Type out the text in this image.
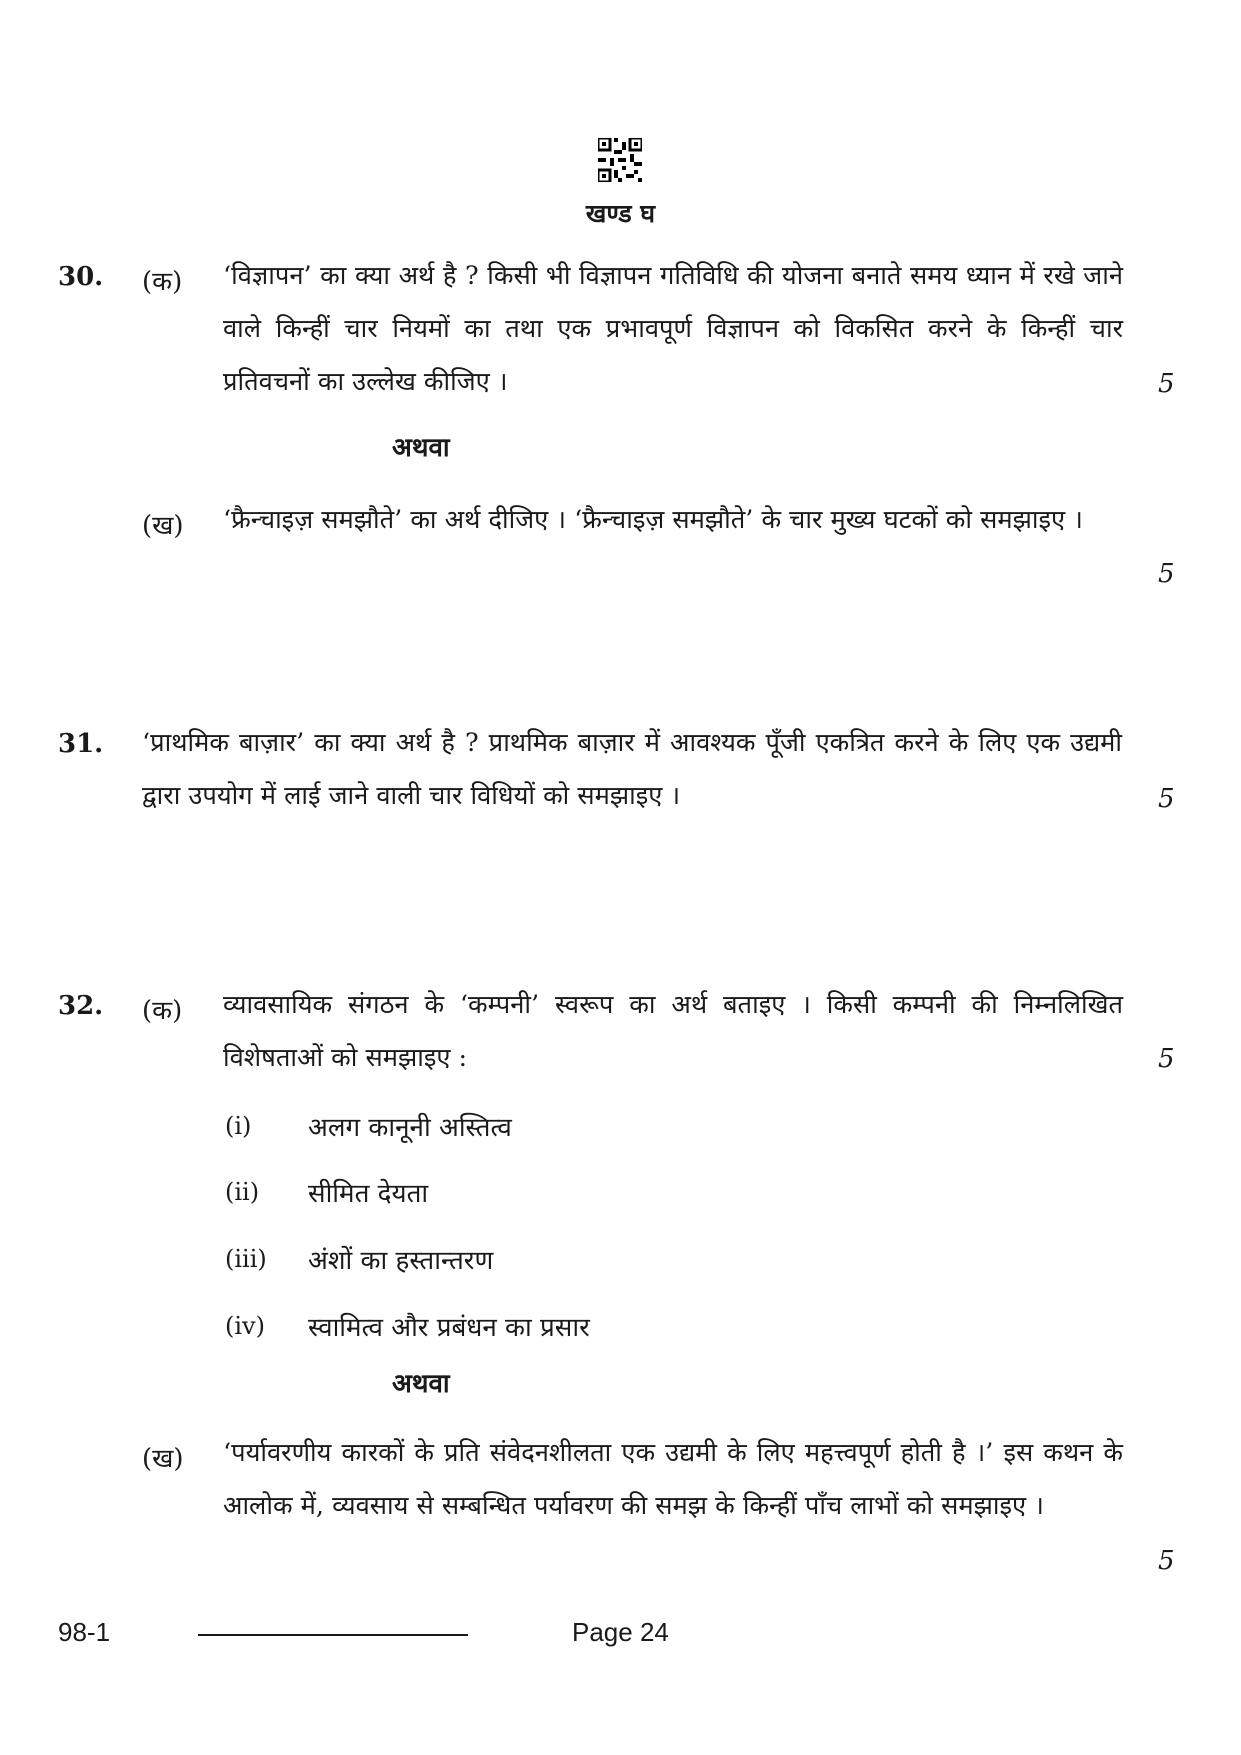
खण्ड घ
30. (क) ‘विज्ञापन’ का क्या अर्थ है ? किसी भी विज्ञापन गतिविधि की योजना बनाते समय ध्यान में रखे जाने वाले किन्हीं चार नियमों का तथा एक प्रभावपूर्ण विज्ञापन को विकसित करने के किन्हीं चार प्रतिवचनों का उल्लेख कीजिए ।	5
अथवा
(ख) ‘फ्रैन्चाइज़ समझौते’ का अर्थ दीजिए । ‘फ्रैन्चाइज़ समझौते’ के चार मुख्य घटकों को समझाइए ।
5
31. ‘प्राथमिक बाज़ार’ का क्या अर्थ है ? प्राथमिक बाज़ार में आवश्यक पूँजी एकत्रित करने के लिए एक उद्यमी द्वारा उपयोग में लाई जाने वाली चार विधियों को समझाइए ।	5
32. (क) व्यावसायिक संगठन के ‘कम्पनी’ स्वरूप का अर्थ बताइए । किसी कम्पनी की निम्नलिखित विशेषताओं को समझाइए :	5
(i) अलग कानूनी अस्तित्व
(ii) सीमित देयता
(iii) अंशों का हस्तान्तरण
(iv) स्वामित्व और प्रबंधन का प्रसार
अथवा
(ख) ‘पर्यावरणीय कारकों के प्रति संवेदनशीलता एक उद्यमी के लिए महत्त्वपूर्ण होती है ।’ इस कथन के आलोक में, व्यवसाय से सम्बन्धित पर्यावरण की समझ के किन्हीं पाँच लाभों को समझाइए ।
5
98-1	Page 24
